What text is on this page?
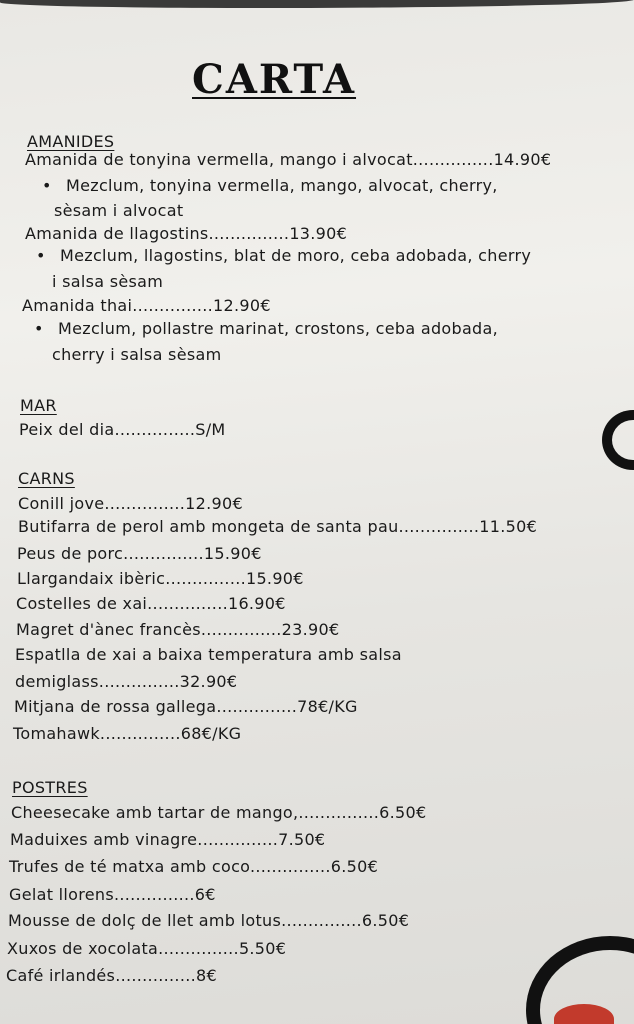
CARTA
AMANIDES
Amanida de tonyina vermella, mango i alvocat...............14.90€
• Mezclum, tonyina vermella, mango, alvocat, cherry,
sèsam i alvocat
Amanida de llagostins...............13.90€
• Mezclum, llagostins, blat de moro, ceba adobada, cherry
i salsa sèsam
Amanida thai...............12.90€
• Mezclum, pollastre marinat, crostons, ceba adobada,
cherry i salsa sèsam
MAR
Peix del dia...............S/M
CARNS
Conill jove...............12.90€
Butifarra de perol amb mongeta de santa pau...............11.50€
Peus de porc...............15.90€
Llargandaix ibèric...............15.90€
Costelles de xai...............16.90€
Magret d'ànec francès...............23.90€
Espatlla de xai a baixa temperatura amb salsa
demiglass...............32.90€
Mitjana de rossa gallega...............78€/KG
Tomahawk...............68€/KG
POSTRES
Cheesecake amb tartar de mango,...............6.50€
Maduixes amb vinagre...............7.50€
Trufes de té matxa amb coco...............6.50€
Gelat llorens...............6€
Mousse de dolç de llet amb lotus...............6.50€
Xuxos de xocolata...............5.50€
Café irlandés...............8€
